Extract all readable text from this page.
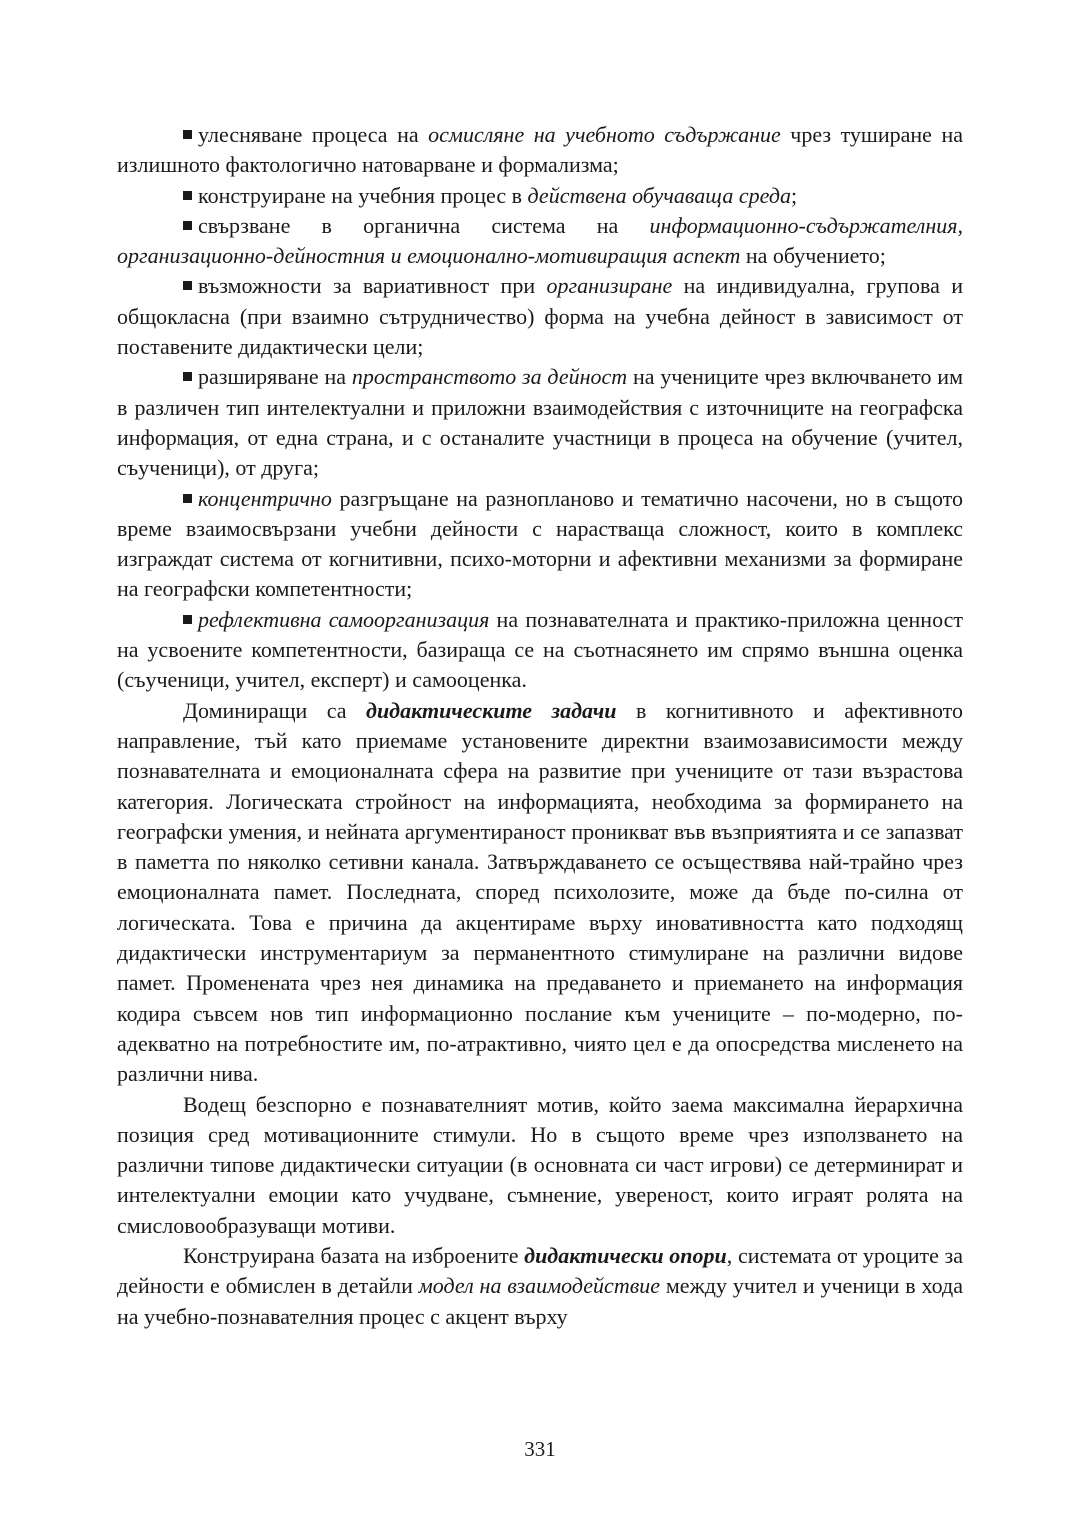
улесняване процеса на осмисляне на учебното съдържание чрез туширане на излишното фактологично натоварване и формализма;

конструиране на учебния процес в действена обучаваща среда;

свързване в органична система на информационно-съдържателния, организационно-дейностния и емоционално-мотивиращия аспект на обучението;

възможности за вариативност при организиране на индивидуална, групова и общокласна (при взаимно сътрудничество) форма на учебна дейност в зависимост от поставените дидактически цели;

разширяване на пространството за дейност на учениците чрез включването им в различен тип интелектуални и приложни взаимодействия с източниците на географска информация, от една страна, и с останалите участници в процеса на обучение (учител, съученици), от друга;

концентрично разгръщане на разнопланово и тематично насочени, но в същото време взаимосвързани учебни дейности с нарастваща сложност, които в комплекс изграждат система от когнитивни, психо-моторни и афективни механизми за формиране на географски компетентности;

рефлективна самоорганизация на познавателната и практико-приложна ценност на усвоените компетентности, базираща се на съотнасянето им спрямо външна оценка (съученици, учител, експерт) и самооценка.

Доминиращи са дидактическите задачи в когнитивното и афективното направление, тъй като приемаме установените директни взаимозависимости между познавателната и емоционалната сфера на развитие при учениците от тази възрастова категория. Логическата стройност на информацията, необходима за формирането на географски умения, и нейната аргументираност проникват във възприятията и се запазват в паметта по няколко сетивни канала. Затвърждаването се осъществява най-трайно чрез емоционалната памет. Последната, според психолозите, може да бъде по-силна от логическата. Това е причина да акцентираме върху иновативността като подходящ дидактически инструментариум за перманентното стимулиране на различни видове памет. Променената чрез нея динамика на предаването и приемането на информация кодира съвсем нов тип информационно послание към учениците – по-модерно, по-адекватно на потребностите им, по-атрактивно, чиято цел е да опосредства мисленето на различни нива.

Водещ безспорно е познавателният мотив, който заема максимална йерархична позиция сред мотивационните стимули. Но в същото време чрез използването на различни типове дидактически ситуации (в основната си част игрови) се детерминират и интелектуални емоции като учудване, съмнение, увереност, които играят ролята на смисловообразуващи мотиви.

Конструирана базата на изброените дидактически опори, системата от уроците за дейности е обмислен в детайли модел на взаимодействие между учител и ученици в хода на учебно-познавателния процес с акцент върху

331
